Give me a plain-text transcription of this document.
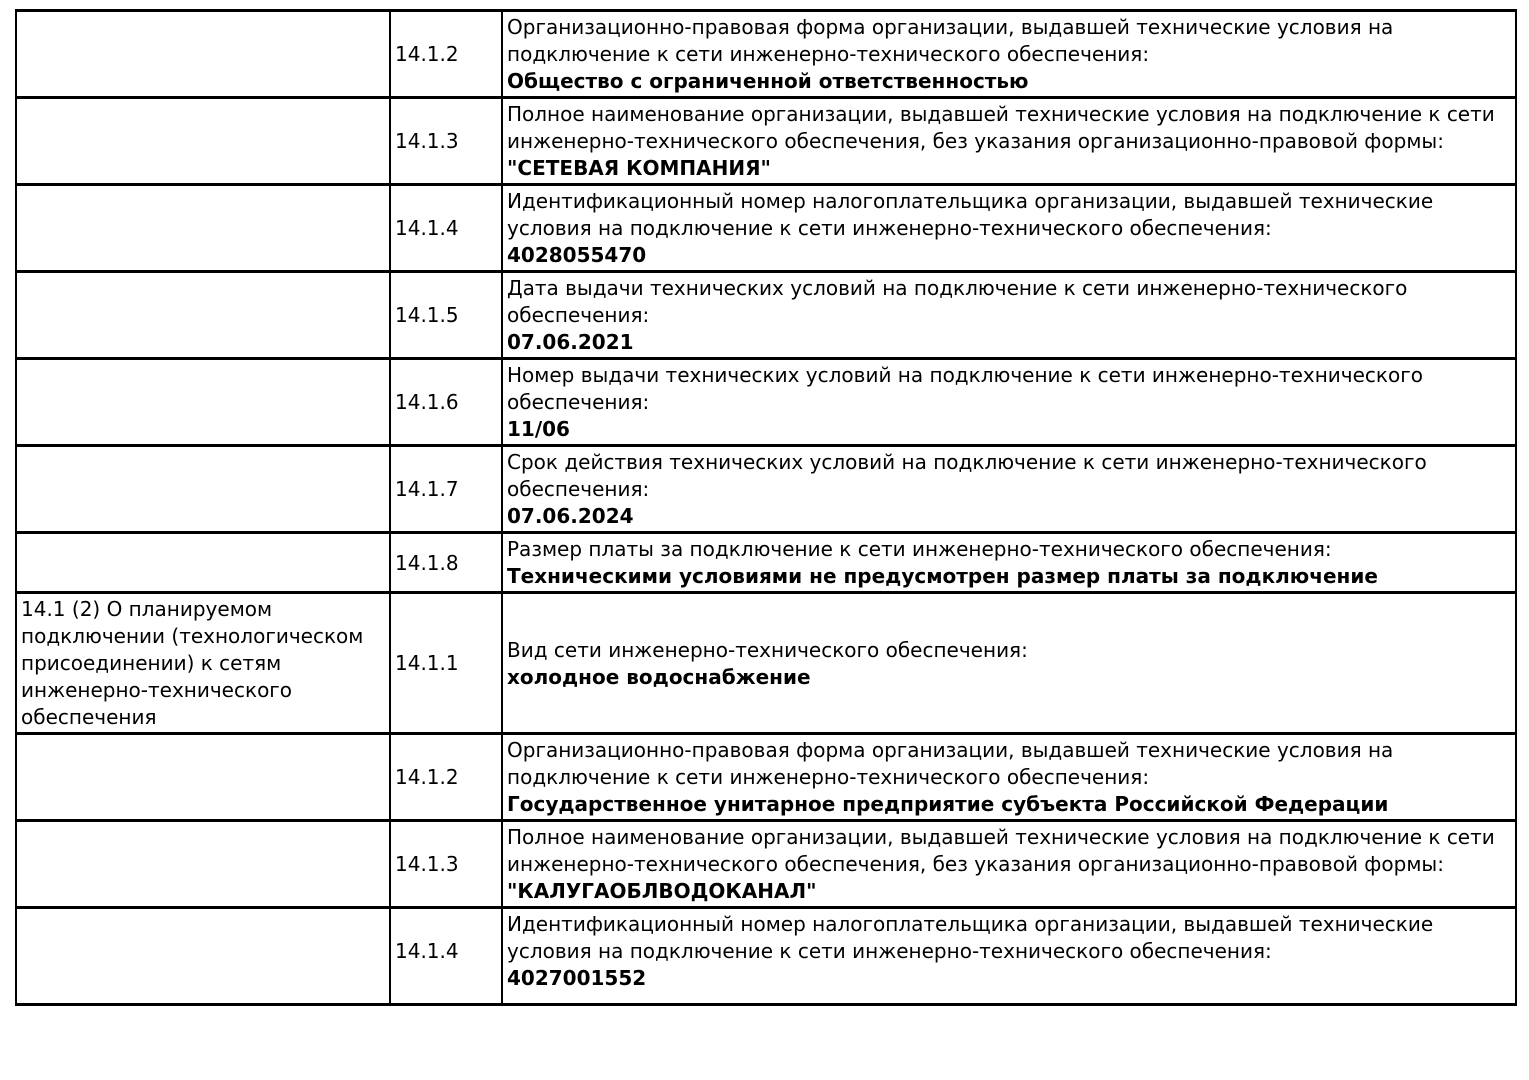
	14.1.2	Организационно-правовая форма организации, выдавшей технические условия на подключение к сети инженерно-технического обеспечения:
Общество с ограниченной ответственностью

	14.1.3	Полное наименование организации, выдавшей технические условия на подключение к сети инженерно-технического обеспечения, без указания организационно-правовой формы:
"СЕТЕВАЯ КОМПАНИЯ"

	14.1.4	Идентификационный номер налогоплательщика организации, выдавшей технические условия на подключение к сети инженерно-технического обеспечения:
4028055470

	14.1.5	Дата выдачи технических условий на подключение к сети инженерно-технического обеспечения:
07.06.2021

	14.1.6	Номер выдачи технических условий на подключение к сети инженерно-технического обеспечения:
11/06

	14.1.7	Срок действия технических условий на подключение к сети инженерно-технического обеспечения:
07.06.2024

	14.1.8	Размер платы за подключение к сети инженерно-технического обеспечения:
Техническими условиями не предусмотрен размер платы за подключение

14.1 (2) О планируемом подключении (технологическом присоединении) к сетям инженерно-технического обеспечения	14.1.1	Вид сети инженерно-технического обеспечения:
холодное водоснабжение

	14.1.2	Организационно-правовая форма организации, выдавшей технические условия на подключение к сети инженерно-технического обеспечения:
Государственное унитарное предприятие субъекта Российской Федерации

	14.1.3	Полное наименование организации, выдавшей технические условия на подключение к сети инженерно-технического обеспечения, без указания организационно-правовой формы:
"КАЛУГАОБЛВОДОКАНАЛ"

	14.1.4	Идентификационный номер налогоплательщика организации, выдавшей технические условия на подключение к сети инженерно-технического обеспечения:
4027001552
